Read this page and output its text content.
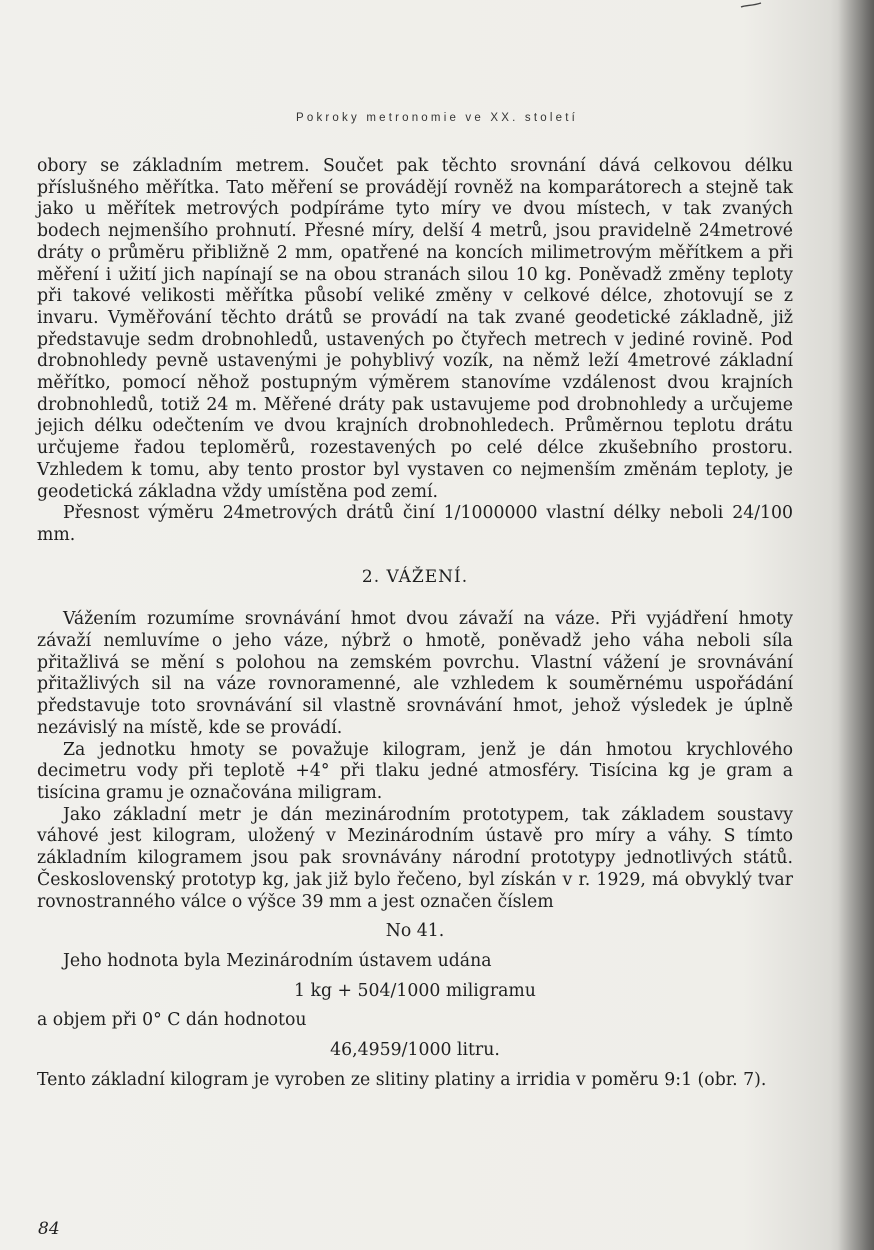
Pokroky metronomie ve XX. století

obory se základním metrem. Součet pak těchto srovnání dává celkovou délku příslušného měřítka. Tato měření se provádějí rovněž na komparátorech a stejně tak jako u měřítek metrových podpíráme tyto míry ve dvou místech, v tak zvaných bodech nejmenšího prohnutí. Přesné míry, delší 4 metrů, jsou pravidelně 24metrové dráty o průměru přibližně 2 mm, opatřené na koncích milimetrovým měřítkem a při měření i užití jich napínají se na obou stranách silou 10 kg. Poněvadž změny teploty při takové velikosti měřítka působí veliké změny v celkové délce, zhotovují se z invaru. Vyměřování těchto drátů se provádí na tak zvané geodetické základně, již představuje sedm drobnohledů, ustavených po čtyřech metrech v jediné rovině. Pod drobnohledy pevně ustavenými je pohyblivý vozík, na němž leží 4metrové základní měřítko, pomocí něhož postupným výměrem stanovíme vzdálenost dvou krajních drobnohledů, totiž 24 m. Měřené dráty pak ustavujeme pod drobnohledy a určujeme jejich délku odečtením ve dvou krajních drobnohledech. Průměrnou teplotu drátu určujeme řadou teploměrů, rozestavených po celé délce zkušebního prostoru. Vzhledem k tomu, aby tento prostor byl vystaven co nejmenším změnám teploty, je geodetická základna vždy umístěna pod zemí.

Přesnost výměru 24metrových drátů činí 1/1000000 vlastní délky neboli 24/100 mm.

2. VÁŽENÍ.

Vážením rozumíme srovnávání hmot dvou závaží na váze. Při vyjádření hmoty závaží nemluvíme o jeho váze, nýbrž o hmotě, poněvadž jeho váha neboli síla přitažlivá se mění s polohou na zemském povrchu. Vlastní vážení je srovnávání přitažlivých sil na váze rovnoramenné, ale vzhledem k souměrnému uspořádání představuje toto srovnávání sil vlastně srovnávání hmot, jehož výsledek je úplně nezávislý na místě, kde se provádí.

Za jednotku hmoty se považuje kilogram, jenž je dán hmotou krychlového decimetru vody při teplotě +4° při tlaku jedné atmosféry. Tisícina kg je gram a tisícina gramu je označována miligram.

Jako základní metr je dán mezinárodním prototypem, tak základem soustavy váhové jest kilogram, uložený v Mezinárodním ústavě pro míry a váhy. S tímto základním kilogramem jsou pak srovnávány národní prototypy jednotlivých států. Československý prototyp kg, jak již bylo řečeno, byl získán v r. 1929, má obvyklý tvar rovnostranného válce o výšce 39 mm a jest označen číslem

No 41.

Jeho hodnota byla Mezinárodním ústavem udána

1 kg + 504/1000 miligramu

a objem při 0° C dán hodnotou

46,4959/1000 litru.

Tento základní kilogram je vyroben ze slitiny platiny a irridia v poměru 9:1 (obr. 7).

84
